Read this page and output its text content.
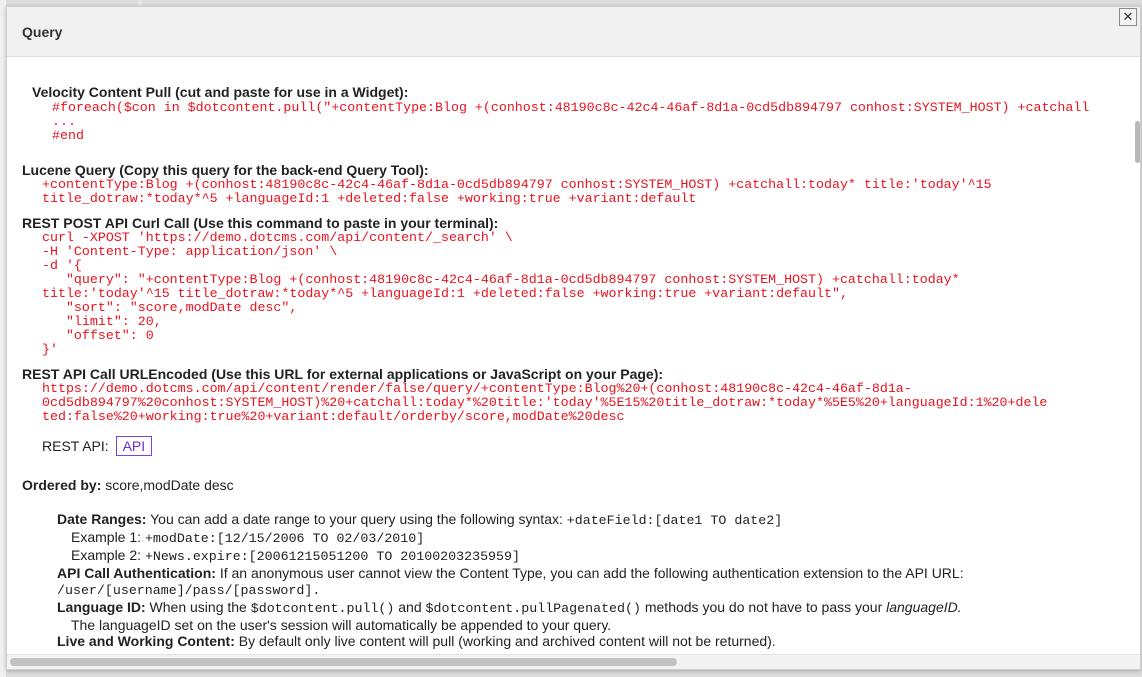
Query
✕
Velocity Content Pull (cut and paste for use in a Widget):
#foreach($con in $dotcontent.pull("+contentType:Blog +(conhost:48190c8c-42c4-46af-8d1a-0cd5db894797 conhost:SYSTEM_HOST) +catchall
...
#end
Lucene Query (Copy this query for the back-end Query Tool):
+contentType:Blog +(conhost:48190c8c-42c4-46af-8d1a-0cd5db894797 conhost:SYSTEM_HOST) +catchall:today* title:'today'^15
title_dotraw:*today*^5 +languageId:1 +deleted:false +working:true +variant:default
REST POST API Curl Call (Use this command to paste in your terminal):
curl -XPOST 'https://demo.dotcms.com/api/content/_search' \
-H 'Content-Type: application/json' \
-d '{
"query": "+contentType:Blog +(conhost:48190c8c-42c4-46af-8d1a-0cd5db894797 conhost:SYSTEM_HOST) +catchall:today*
title:'today'^15 title_dotraw:*today*^5 +languageId:1 +deleted:false +working:true +variant:default",
"sort": "score,modDate desc",
"limit": 20,
"offset": 0
}'
REST API Call URLEncoded (Use this URL for external applications or JavaScript on your Page):
https://demo.dotcms.com/api/content/render/false/query/+contentType:Blog%20+(conhost:48190c8c-42c4-46af-8d1a-
0cd5db894797%20conhost:SYSTEM_HOST)%20+catchall:today*%20title:'today'%5E15%20title_dotraw:*today*%5E5%20+languageId:1%20+dele
ted:false%20+working:true%20+variant:default/orderby/score,modDate%20desc
REST API: API
Ordered by: score,modDate desc
Date Ranges: You can add a date range to your query using the following syntax: +dateField:[date1 TO date2]
Example 1: +modDate:[12/15/2006 TO 02/03/2010]
Example 2: +News.expire:[20061215051200 TO 20100203235959]
API Call Authentication: If an anonymous user cannot view the Content Type, you can add the following authentication extension to the API URL:
/user/[username]/pass/[password].
Language ID: When using the $dotcontent.pull() and $dotcontent.pullPagenated() methods you do not have to pass your languageID.
The languageID set on the user's session will automatically be appended to your query.
Live and Working Content: By default only live content will pull (working and archived content will not be returned).
